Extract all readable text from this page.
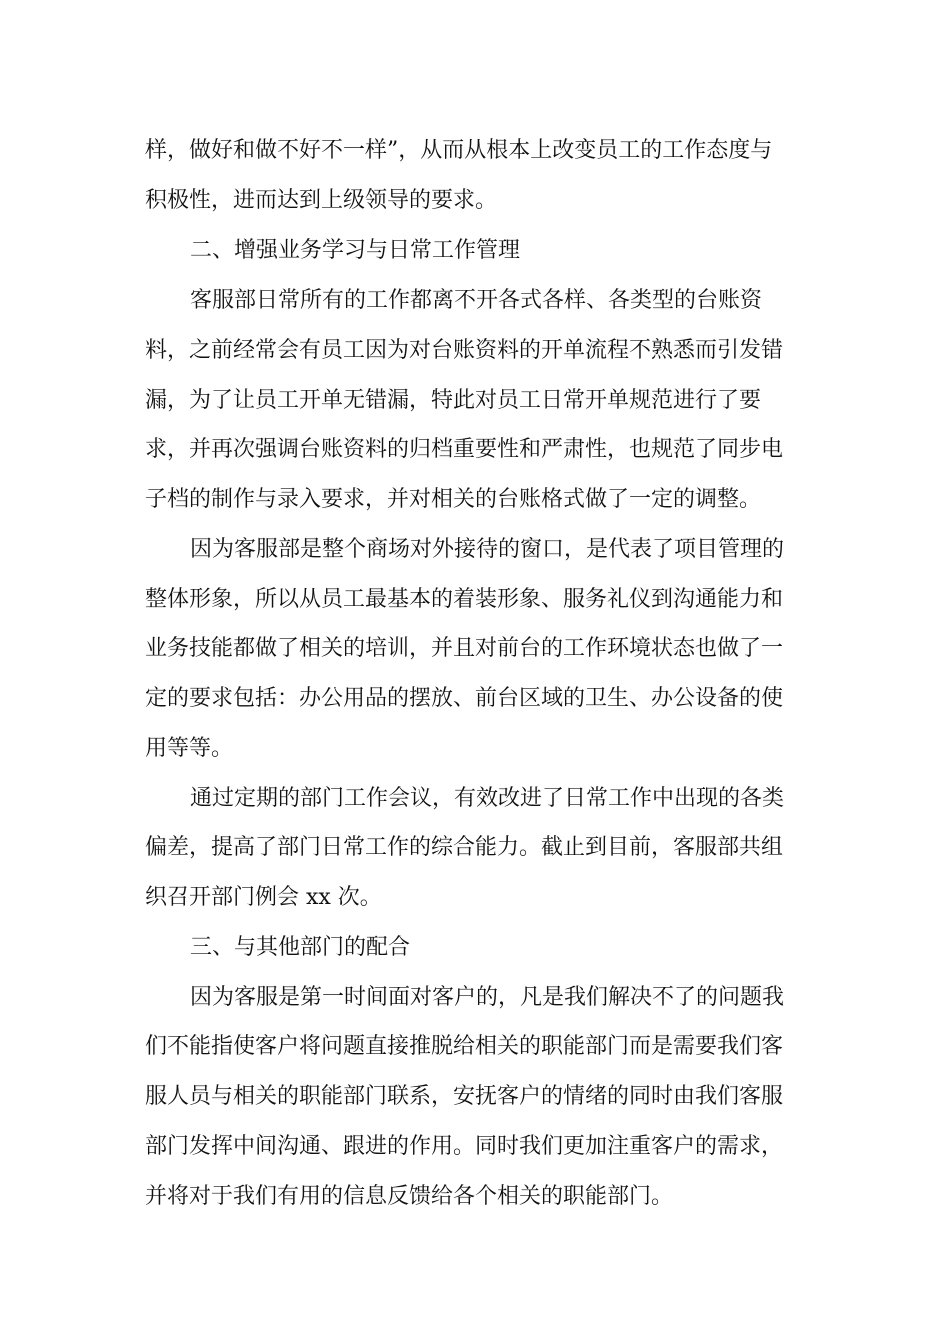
样，做好和做不好不一样”，从而从根本上改变员工的工作态度与
积极性，进而达到上级领导的要求。
二、增强业务学习与日常工作管理
客服部日常所有的工作都离不开各式各样、各类型的台账资
料，之前经常会有员工因为对台账资料的开单流程不熟悉而引发错
漏，为了让员工开单无错漏，特此对员工日常开单规范进行了要
求，并再次强调台账资料的归档重要性和严肃性，也规范了同步电
子档的制作与录入要求，并对相关的台账格式做了一定的调整。
因为客服部是整个商场对外接待的窗口，是代表了项目管理的
整体形象，所以从员工最基本的着装形象、服务礼仪到沟通能力和
业务技能都做了相关的培训，并且对前台的工作环境状态也做了一
定的要求包括：办公用品的摆放、前台区域的卫生、办公设备的使
用等等。
通过定期的部门工作会议，有效改进了日常工作中出现的各类
偏差，提高了部门日常工作的综合能力。截止到目前，客服部共组
织召开部门例会 xx 次。
三、与其他部门的配合
因为客服是第一时间面对客户的，凡是我们解决不了的问题我
们不能指使客户将问题直接推脱给相关的职能部门而是需要我们客
服人员与相关的职能部门联系，安抚客户的情绪的同时由我们客服
部门发挥中间沟通、跟进的作用。同时我们更加注重客户的需求，
并将对于我们有用的信息反馈给各个相关的职能部门。
